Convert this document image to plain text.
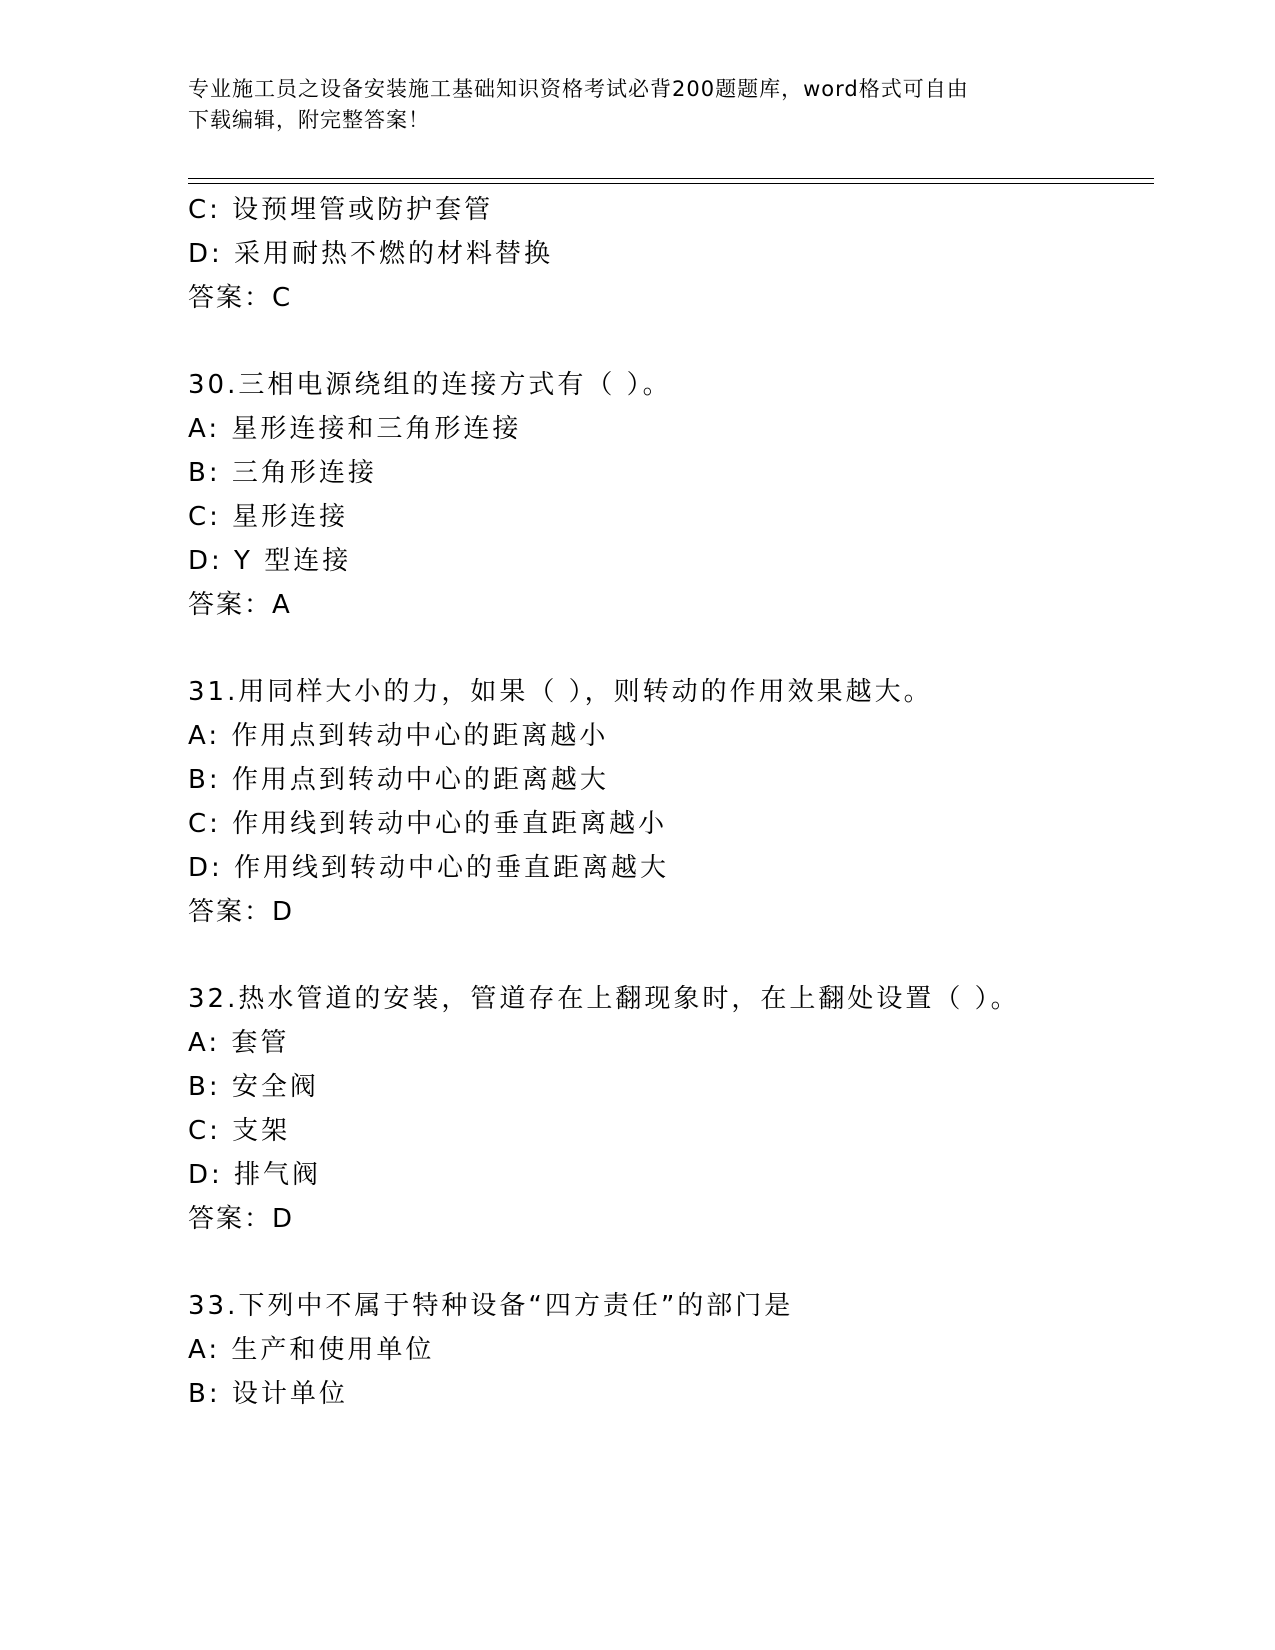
专业施工员之设备安装施工基础知识资格考试必背200题题库，word格式可自由
下载编辑，附完整答案！
C: 设预埋管或防护套管
D: 采用耐热不燃的材料替换
答案：C
30.三相电源绕组的连接方式有（ ）。
A: 星形连接和三角形连接
B: 三角形连接
C: 星形连接
D: Y 型连接
答案：A
31.用同样大小的力，如果（ ），则转动的作用效果越大。
A: 作用点到转动中心的距离越小
B: 作用点到转动中心的距离越大
C: 作用线到转动中心的垂直距离越小
D: 作用线到转动中心的垂直距离越大
答案：D
32.热水管道的安装，管道存在上翻现象时，在上翻处设置（ ）。
A: 套管
B: 安全阀
C: 支架
D: 排气阀
答案：D
33.下列中不属于特种设备“四方责任”的部门是
A: 生产和使用单位
B: 设计单位
